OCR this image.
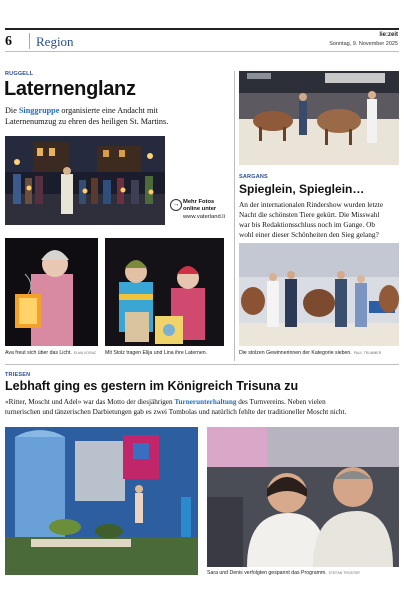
6 Region	lie:zeit
Sonntag, 9. November 2025
RUGGELL
Laternenglanz
Die Singgruppe organisierte eine Andacht mit
Laternenumzug zu ehren des heiligen St. Martins.
→ Mehr Fotos
online unter
www.vaterland.li
Ava freut sich über das Licht. ELMA KORAC Mit Stolz tragen Elija und Lina ihre Laternen.
SARGANS
Spieglein, Spieglein…
An der internationalen Rindershow wurden letzte
Nacht die schönsten Tiere gekürt. Die Misswahl
war bis Redaktionsschluss noch im Gange. Ob
wohl einer dieser Schönheiten den Sieg gelang?
Die stolzen Gewinnerinnen der Kategorie sieben. PAUL TRUMMER
TRIESEN
Lebhaft ging es gestern im Königreich Trisuna zu
«Ritter, Moscht und Adel» war das Motto der diesjährigen Turnerunterhaltung des Turnvereins. Neben vielen
turnerischen und tänzerischen Darbietungen gab es zwei Tombolas und natürlich fehlte der traditioneller Moscht nicht.
Sara und Denis verfolgten gespannt das Programm. STEFAN TROSTER
